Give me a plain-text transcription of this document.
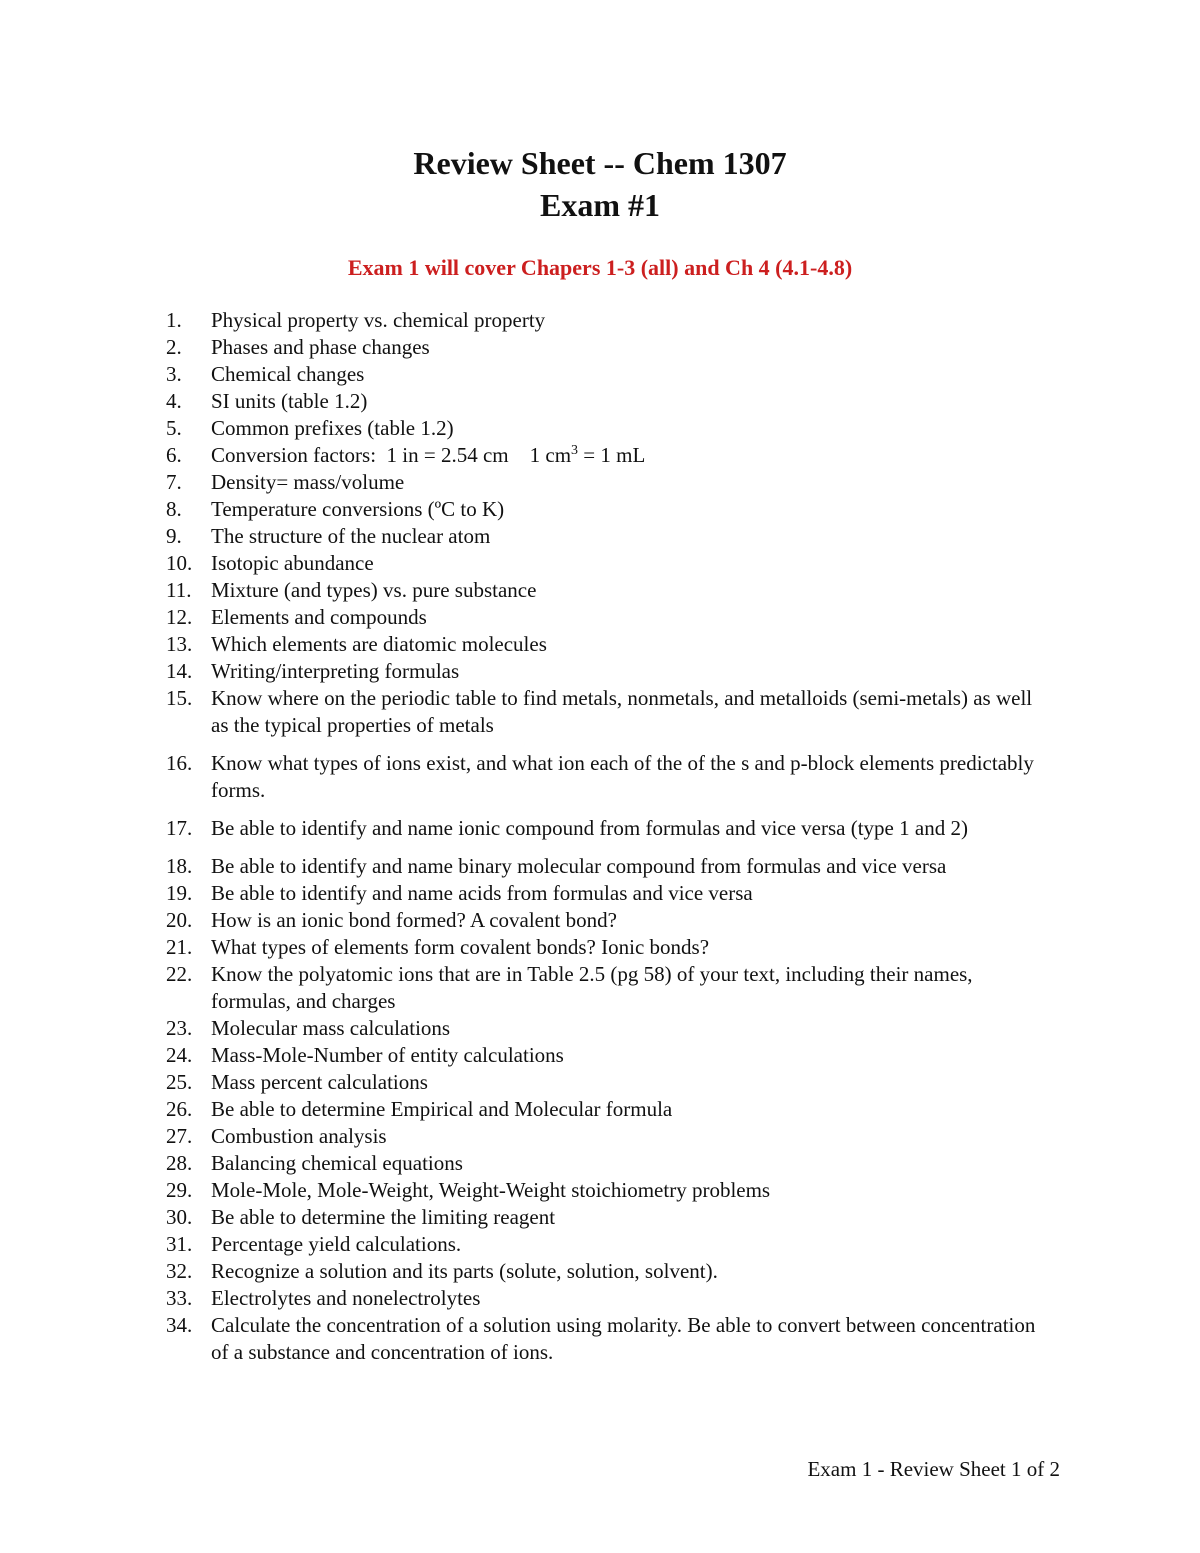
Review Sheet -- Chem 1307
Exam #1

Exam 1 will cover Chapers 1-3 (all) and Ch 4 (4.1-4.8)

1.	Physical property vs. chemical property
2.	Phases and phase changes
3.	Chemical changes
4.	SI units (table 1.2)
5.	Common prefixes (table 1.2)
6.	Conversion factors:  1 in = 2.54 cm    1 $cm^3 = 1$ mL
7.	Density= mass/volume
8.	Temperature conversions (ºC to K)
9.	The structure of the nuclear atom
10. Isotopic abundance
11. Mixture (and types) vs. pure substance
12. Elements and compounds
13. Which elements are diatomic molecules
14. Writing/interpreting formulas
15. Know where on the periodic table to find metals, nonmetals, and metalloids (semi-metals) as well as the typical properties of metals
16. Know what types of ions exist, and what ion each of the of the s and p-block elements predictably forms.
17. Be able to identify and name ionic compound from formulas and vice versa (type 1 and 2)
18. Be able to identify and name binary molecular compound from formulas and vice versa
19. Be able to identify and name acids from formulas and vice versa
20. How is an ionic bond formed? A covalent bond?
21. What types of elements form covalent bonds? Ionic bonds?
22. Know the polyatomic ions that are in Table 2.5 (pg 58) of your text, including their names, formulas, and charges
23. Molecular mass calculations
24. Mass-Mole-Number of entity calculations
25. Mass percent calculations
26. Be able to determine Empirical and Molecular formula
27. Combustion analysis
28. Balancing chemical equations
29. Mole-Mole, Mole-Weight, Weight-Weight stoichiometry problems
30. Be able to determine the limiting reagent
31. Percentage yield calculations.
32. Recognize a solution and its parts (solute, solution, solvent).
33. Electrolytes and nonelectrolytes
34. Calculate the concentration of a solution using molarity. Be able to convert between concentration of a substance and concentration of ions.

Exam 1 - Review Sheet 1 of 2
